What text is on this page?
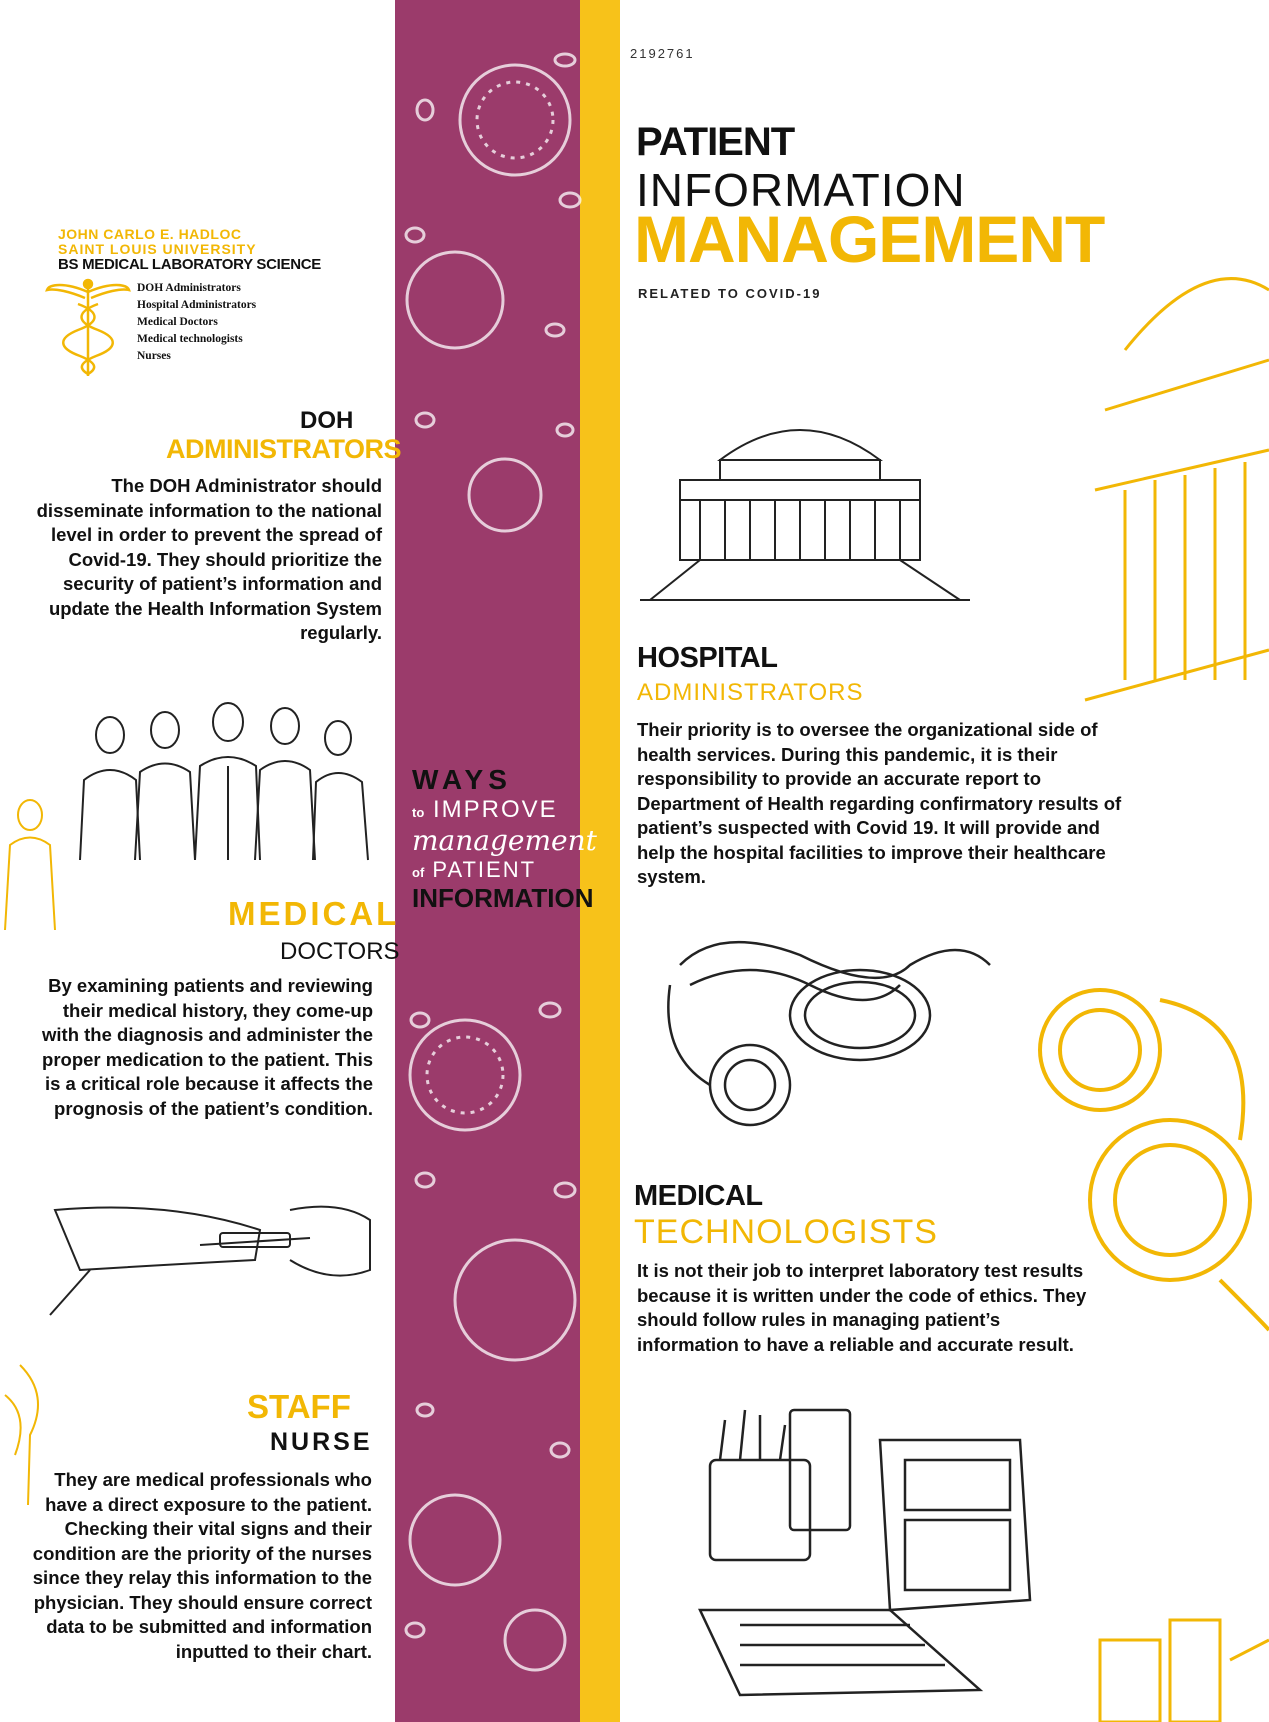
2192761
PATIENT
INFORMATION
MANAGEMENT
RELATED TO COVID-19
JOHN CARLO E. HADLOC
SAINT LOUIS UNIVERSITY
BS MEDICAL LABORATORY SCIENCE
DOH Administrators
Hospital Administrators
Medical Doctors
Medical technologists
Nurses
DOH
ADMINISTRATORS
The DOH Administrator should disseminate information to the national level in order to prevent the spread of Covid-19. They should prioritize the security of patient’s information and update the Health Information System regularly.
MEDICAL
DOCTORS
By examining patients and reviewing their medical history, they come-up with the diagnosis and administer the proper medication to the patient. This is a critical role because it affects the prognosis of the patient’s condition.
STAFF
NURSE
They are medical professionals who have a direct exposure to the patient. Checking their vital signs and their condition are the priority of the nurses since they relay this information to the physician. They should ensure correct data to be submitted and information inputted to their chart.
WAYS
to IMPROVE
management
of PATIENT
INFORMATION
HOSPITAL
ADMINISTRATORS
Their priority is to oversee the organizational side of health services. During this pandemic, it is their responsibility to provide an accurate report to Department of Health regarding confirmatory results of patient’s suspected with Covid 19. It will provide and help the hospital facilities to improve their healthcare system.
MEDICAL
TECHNOLOGISTS
It is not their job to interpret laboratory test results because it is written under the code of ethics. They should follow rules in managing patient’s information to have a reliable and accurate result.
